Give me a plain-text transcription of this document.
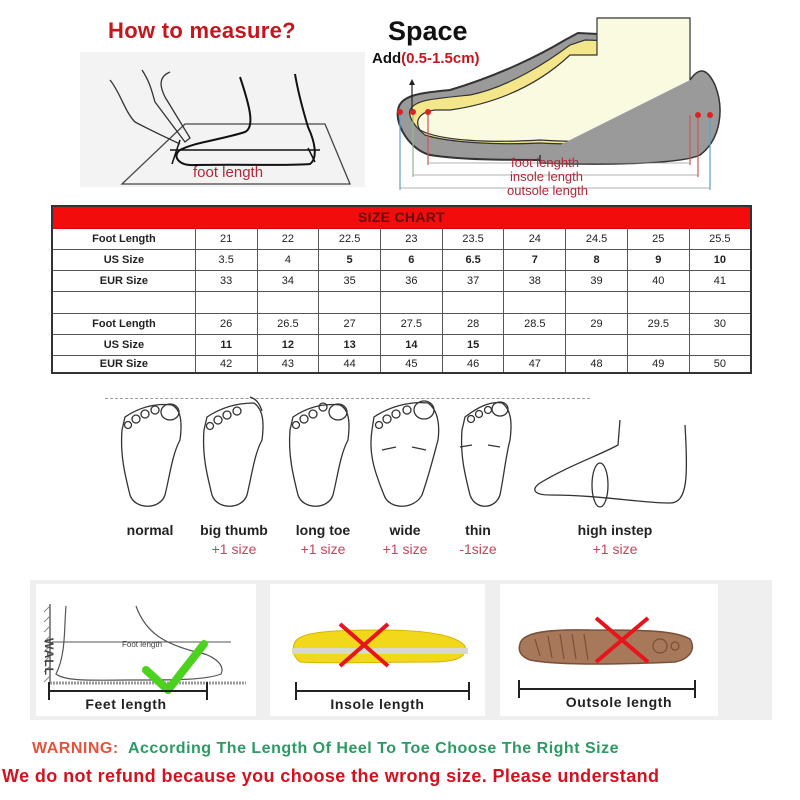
How to measure?
foot length
Space
Add(0.5-1.5cm)
foot lenghth
insole length
outsole length
SIZE CHART									
Foot Length	21	22	22.5	23	23.5	24	24.5	25	25.5
US Size	3.5	4	5	6	6.5	7	8	9	10
EUR Size	33	34	35	36	37	38	39	40	41

Foot Length	26	26.5	27	27.5	28	28.5	29	29.5	30
US Size	11	12	13	14	15				
EUR Size	42	43	44	45	46	47	48	49	50
normal	big thumb
+1 size
long toe
+1 size
wide
+1 size
thin
-1size
high instep
+1 size
WALL	Foot length
Feet length	Insole length	Outsole length
WARNING: According The Length Of Heel To Toe Choose The Right Size
We do not refund because you choose the wrong size. Please understand
